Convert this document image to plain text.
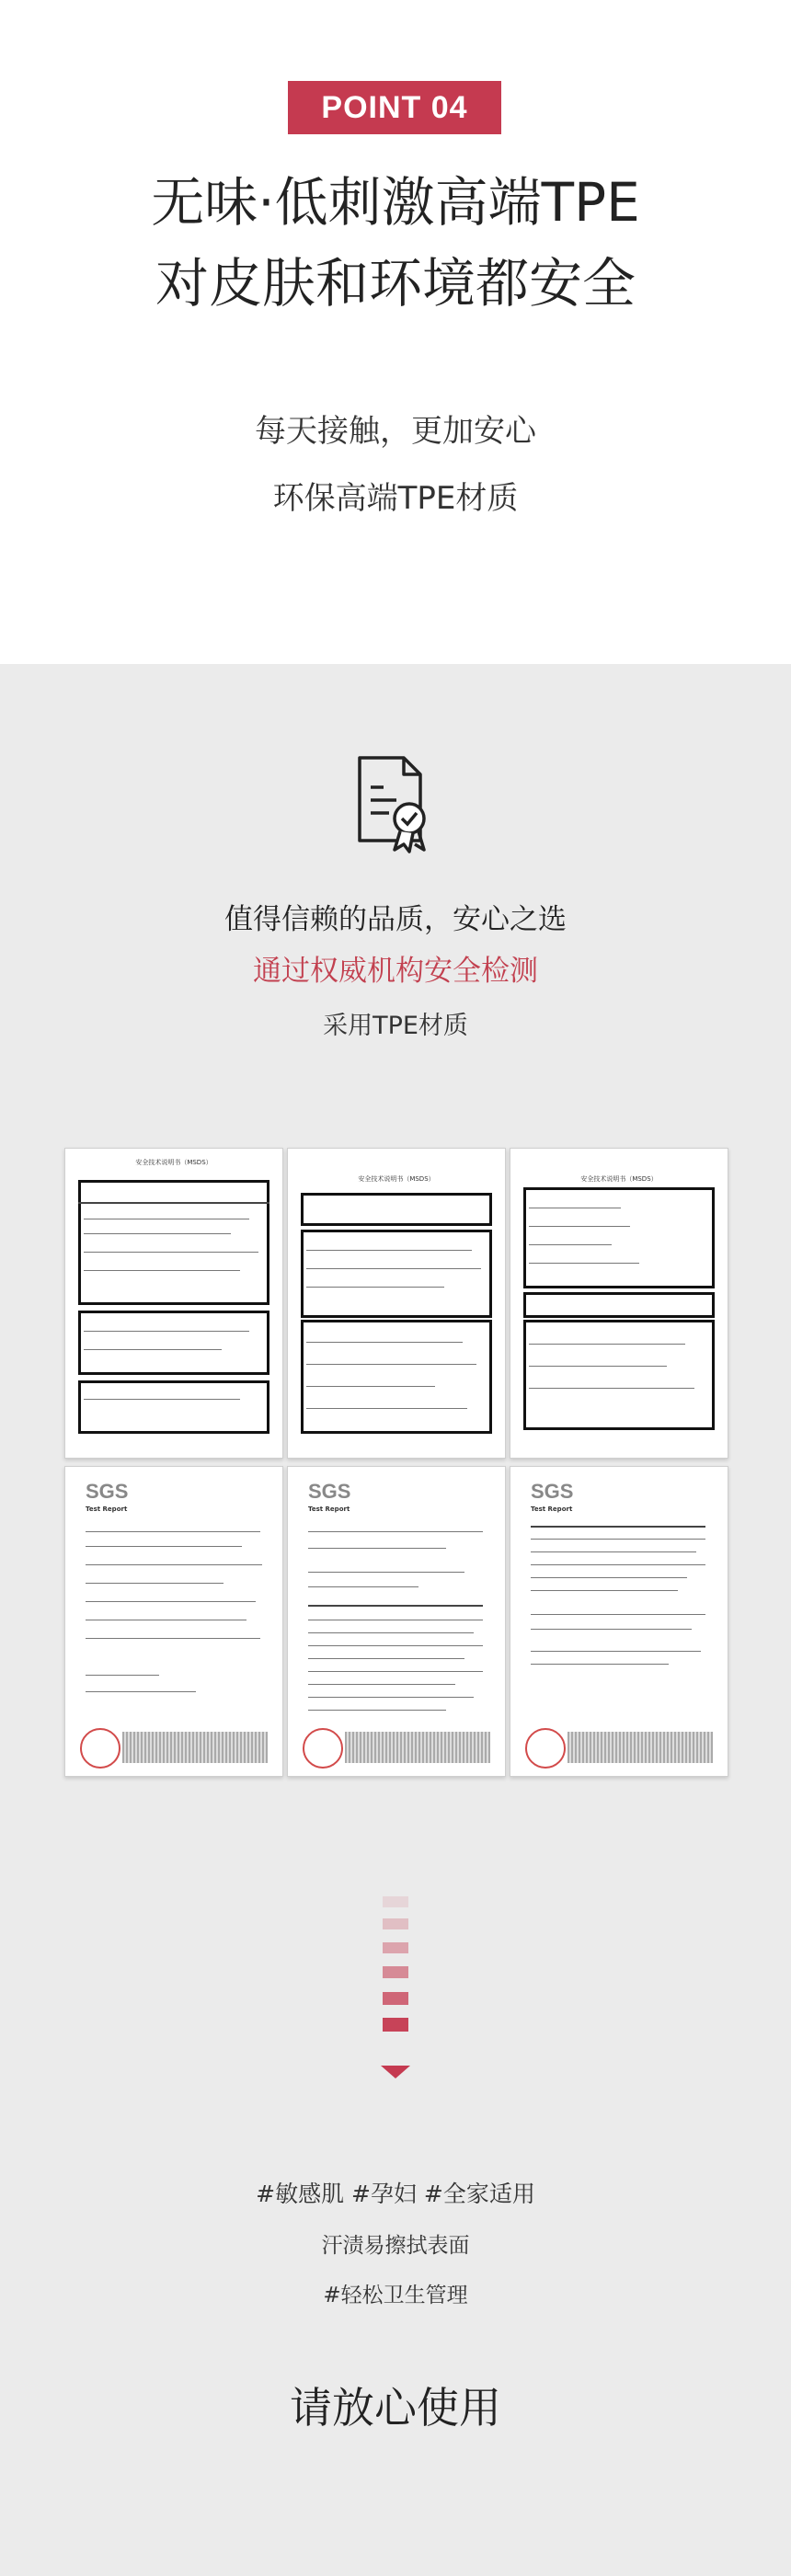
POINT 04
无味·低刺激高端TPE
对皮肤和环境都安全
每天接触，更加安心
环保高端TPE材质
值得信赖的品质，安心之选
通过权威机构安全检测
采用TPE材质
安全技术说明书（MSDS）
安全技术说明书（MSDS）	安全技术说明书（MSDS）
SGS
Test Report
SGS
Test Report
SGS
Test Report
#敏感肌 #孕妇 #全家适用
汗渍易擦拭表面
#轻松卫生管理
请放心使用
